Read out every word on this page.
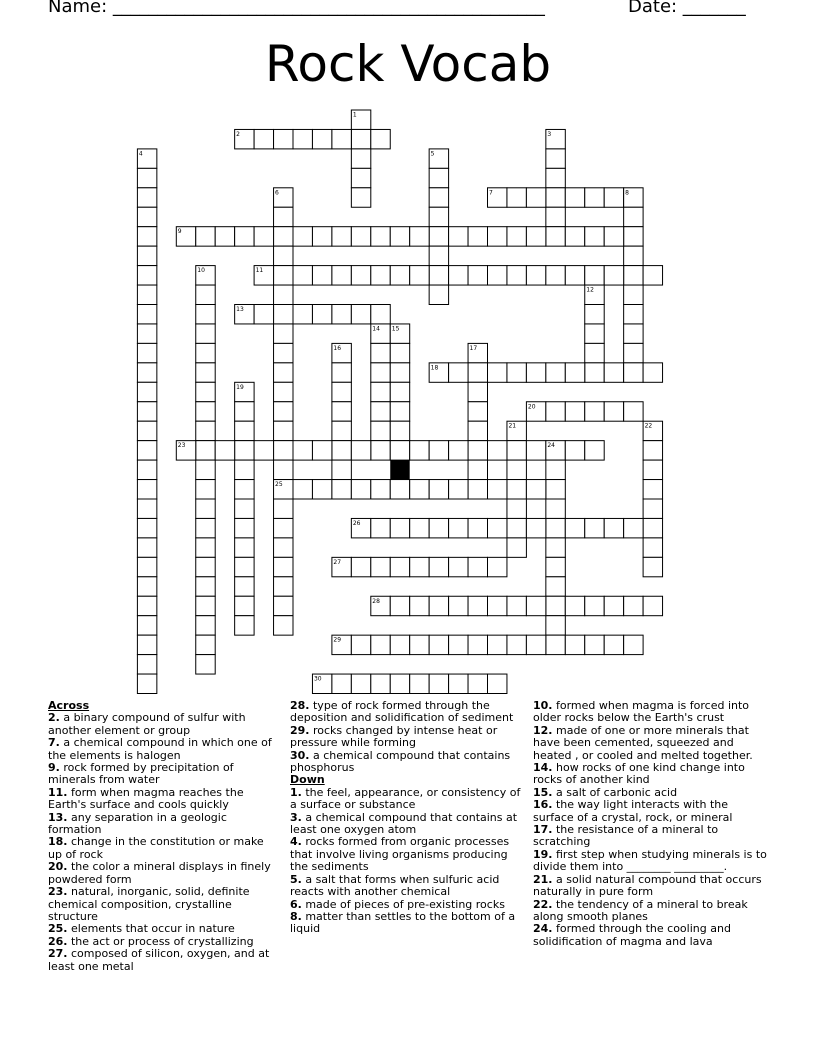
Name: ________________________________________________	Date: _______
Rock Vocab
1
2	3
4	5
6	7	8
9
10	11
12
13
14 15
16	17
18
19
20
21	22
23	24
25
26
27
28
29
30
Across
2. a binary compound of sulfur with another element or group
7. a chemical compound in which one of the elements is halogen
9. rock formed by precipitation of minerals from water
11. form when magma reaches the Earth's surface and cools quickly
13. any separation in a geologic formation
18. change in the constitution or make up of rock
20. the color a mineral displays in finely powdered form
23. natural, inorganic, solid, definite chemical composition, crystalline structure
25. elements that occur in nature
26. the act or process of crystallizing
27. composed of silicon, oxygen, and at least one metal
28. type of rock formed through the deposition and solidification of sediment
29. rocks changed by intense heat or pressure while forming
30. a chemical compound that contains phosphorus
Down
1. the feel, appearance, or consistency of a surface or substance
3. a chemical compound that contains at least one oxygen atom
4. rocks formed from organic processes that involve living organisms producing the sediments
5. a salt that forms when sulfuric acid reacts with another chemical
6. made of pieces of pre-existing rocks
8. matter than settles to the bottom of a liquid
10. formed when magma is forced into older rocks below the Earth's crust
12. made of one or more minerals that have been cemented, squeezed and heated , or cooled and melted together.
14. how rocks of one kind change into rocks of another kind
15. a salt of carbonic acid
16. the way light interacts with the surface of a crystal, rock, or mineral
17. the resistance of a mineral to scratching
19. first step when studying minerals is to divide them into ________ _________.
21. a solid natural compound that occurs naturally in pure form
22. the tendency of a mineral to break along smooth planes
24. formed through the cooling and solidification of magma and lava
